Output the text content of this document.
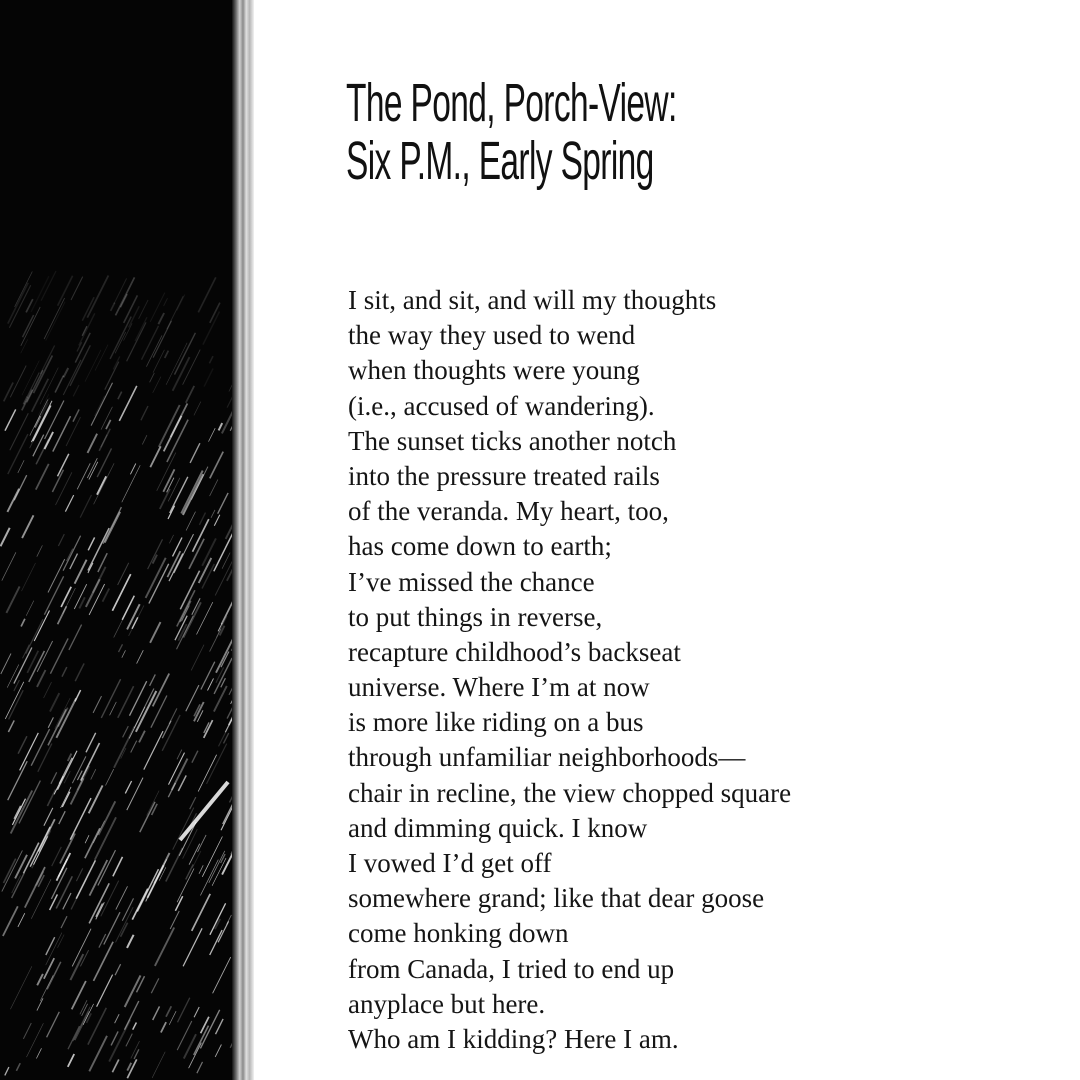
The Pond, Porch-View:
Six P.M., Early Spring
I sit, and sit, and will my thoughts
the way they used to wend
when thoughts were young
(i.e., accused of wandering).
The sunset ticks another notch
into the pressure treated rails
of the veranda. My heart, too,
has come down to earth;
I’ve missed the chance
to put things in reverse,
recapture childhood’s backseat
universe. Where I’m at now
is more like riding on a bus
through unfamiliar neighborhoods—
chair in recline, the view chopped square
and dimming quick. I know
I vowed I’d get off
somewhere grand; like that dear goose
come honking down
from Canada, I tried to end up
anyplace but here.
Who am I kidding? Here I am.
